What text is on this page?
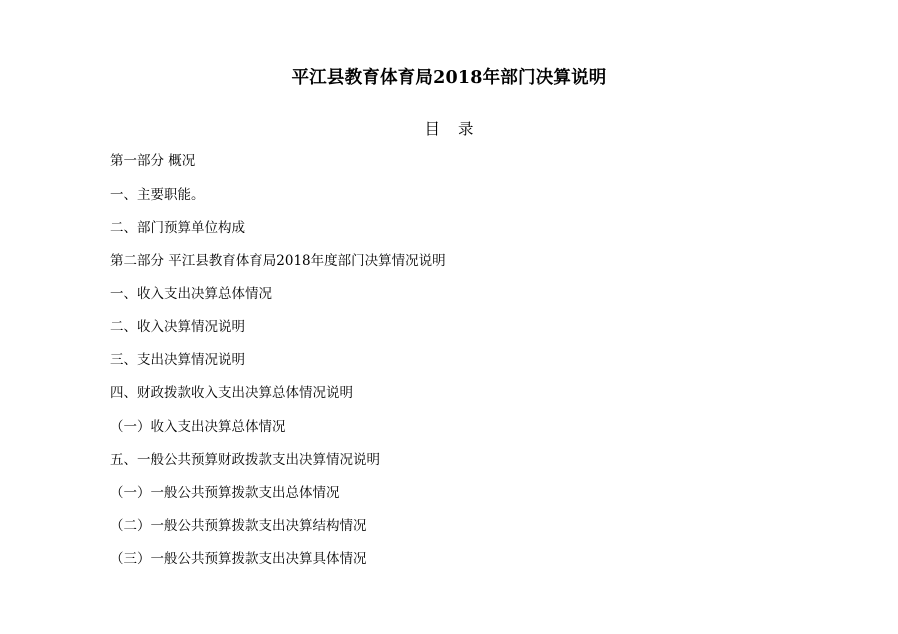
平江县教育体育局2018年部门决算说明
目录
第一部分 概况
一、主要职能。
二、部门预算单位构成
第二部分 平江县教育体育局2018年度部门决算情况说明
一、收入支出决算总体情况
二、收入决算情况说明
三、支出决算情况说明
四、财政拨款收入支出决算总体情况说明
（一）收入支出决算总体情况
五、一般公共预算财政拨款支出决算情况说明
（一）一般公共预算拨款支出总体情况
（二）一般公共预算拨款支出决算结构情况
（三）一般公共预算拨款支出决算具体情况
